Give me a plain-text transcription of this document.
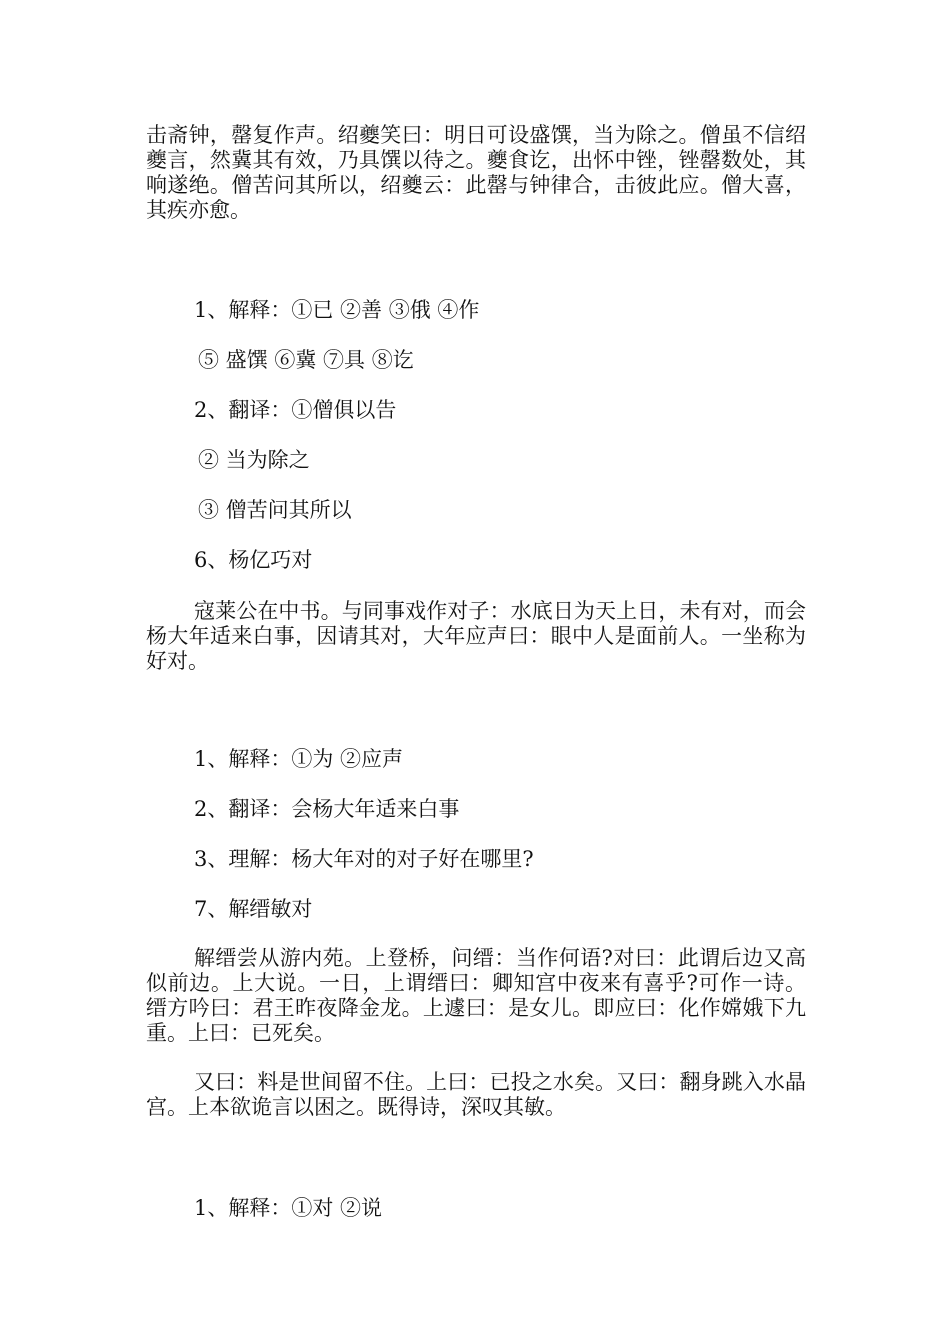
击斋钟，罄复作声。绍夔笑曰：明日可设盛馔，当为除之。僧虽不信绍夔言，然冀其有效，乃具馔以待之。夔食讫，出怀中锉，锉罄数处，其响遂绝。僧苦问其所以，绍夔云：此罄与钟律合，击彼此应。僧大喜，其疾亦愈。

1、解释：①已 ②善 ③俄 ④作

⑤ 盛馔 ⑥冀 ⑦具 ⑧讫

2、翻译：①僧俱以告

② 当为除之

③ 僧苦问其所以

6、杨亿巧对

寇莱公在中书。与同事戏作对子：水底日为天上日，未有对，而会杨大年适来白事，因请其对，大年应声曰：眼中人是面前人。一坐称为好对。

1、解释：①为 ②应声

2、翻译：会杨大年适来白事

3、理解：杨大年对的对子好在哪里?

7、解缙敏对

解缙尝从游内苑。上登桥，问缙：当作何语?对曰：此谓后边又高似前边。上大说。一日，上谓缙曰：卿知宫中夜来有喜乎?可作一诗。缙方吟曰：君王昨夜降金龙。上遽曰：是女儿。即应曰：化作嫦娥下九重。上曰：已死矣。

又曰：料是世间留不住。上曰：已投之水矣。又曰：翻身跳入水晶宫。上本欲诡言以困之。既得诗，深叹其敏。

1、解释：①对 ②说
